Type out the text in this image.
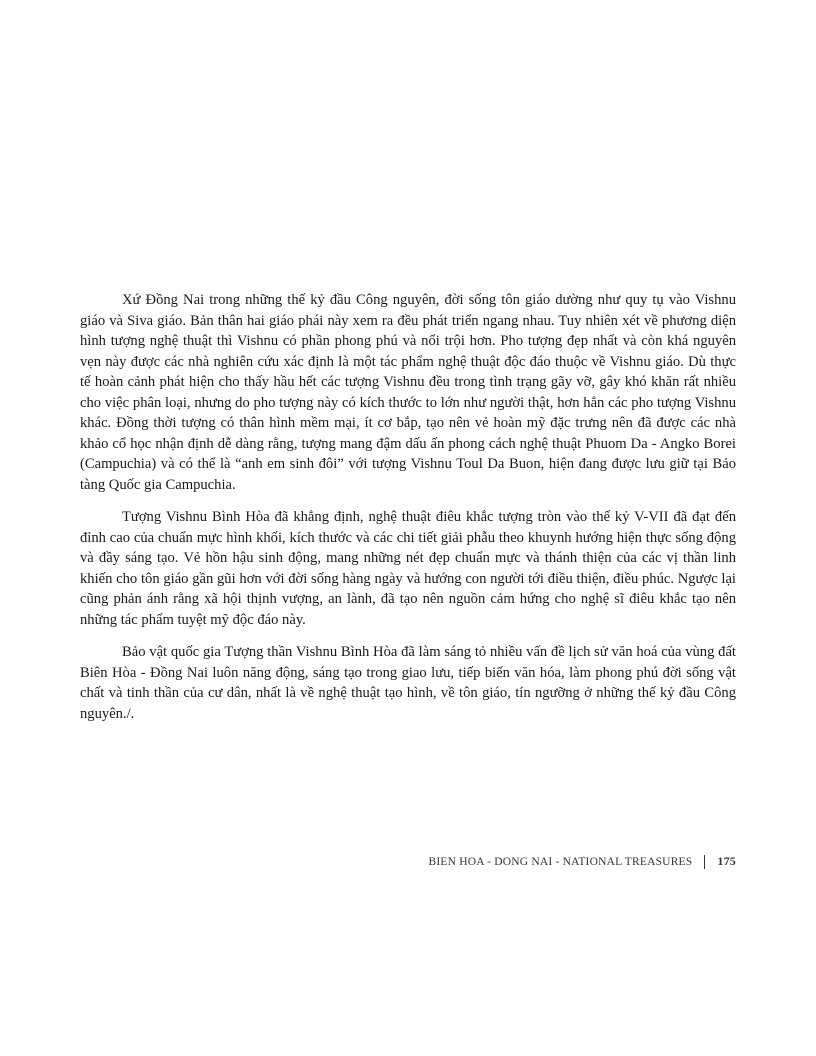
Xứ Đồng Nai trong những thế kỷ đầu Công nguyên, đời sống tôn giáo dường như quy tụ vào Vishnu giáo và Siva giáo. Bản thân hai giáo phái này xem ra đều phát triển ngang nhau. Tuy nhiên xét về phương diện hình tượng nghệ thuật thì Vishnu có phần phong phú và nổi trội hơn. Pho tượng đẹp nhất và còn khá nguyên vẹn này được các nhà nghiên cứu xác định là một tác phẩm nghệ thuật độc đáo thuộc về Vishnu giáo. Dù thực tế hoàn cảnh phát hiện cho thấy hầu hết các tượng Vishnu đều trong tình trạng gãy vỡ, gây khó khăn rất nhiều cho việc phân loại, nhưng do pho tượng này có kích thước to lớn như người thật, hơn hẳn các pho tượng Vishnu khác. Đồng thời tượng có thân hình mềm mại, ít cơ bắp, tạo nên vẻ hoàn mỹ đặc trưng nên đã được các nhà khảo cổ học nhận định dễ dàng rằng, tượng mang đậm dấu ấn phong cách nghệ thuật Phuom Da - Angko Borei (Campuchia) và có thể là “anh em sinh đôi” với tượng Vishnu Toul Da Buon, hiện đang được lưu giữ tại Bảo tàng Quốc gia Campuchia.

Tượng Vishnu Bình Hòa đã khẳng định, nghệ thuật điêu khắc tượng tròn vào thế kỷ V-VII đã đạt đến đỉnh cao của chuẩn mực hình khối, kích thước và các chi tiết giải phẫu theo khuynh hướng hiện thực sống động và đầy sáng tạo. Vẻ hồn hậu sinh động, mang những nét đẹp chuẩn mực và thánh thiện của các vị thần linh khiến cho tôn giáo gần gũi hơn với đời sống hàng ngày và hướng con người tới điều thiện, điều phúc. Ngược lại cũng phản ánh rằng xã hội thịnh vượng, an lành, đã tạo nên nguồn cảm hứng cho nghệ sĩ điêu khắc tạo nên những tác phẩm tuyệt mỹ độc đáo này.

Bảo vật quốc gia Tượng thần Vishnu Bình Hòa đã làm sáng tỏ nhiều vấn đề lịch sử văn hoá của vùng đất Biên Hòa - Đồng Nai luôn năng động, sáng tạo trong giao lưu, tiếp biến văn hóa, làm phong phú đời sống vật chất và tinh thần của cư dân, nhất là về nghệ thuật tạo hình, về tôn giáo, tín ngưỡng ở những thế kỷ đầu Công nguyên./.

BIEN HOA - DONG NAI - NATIONAL TREASURES 175
